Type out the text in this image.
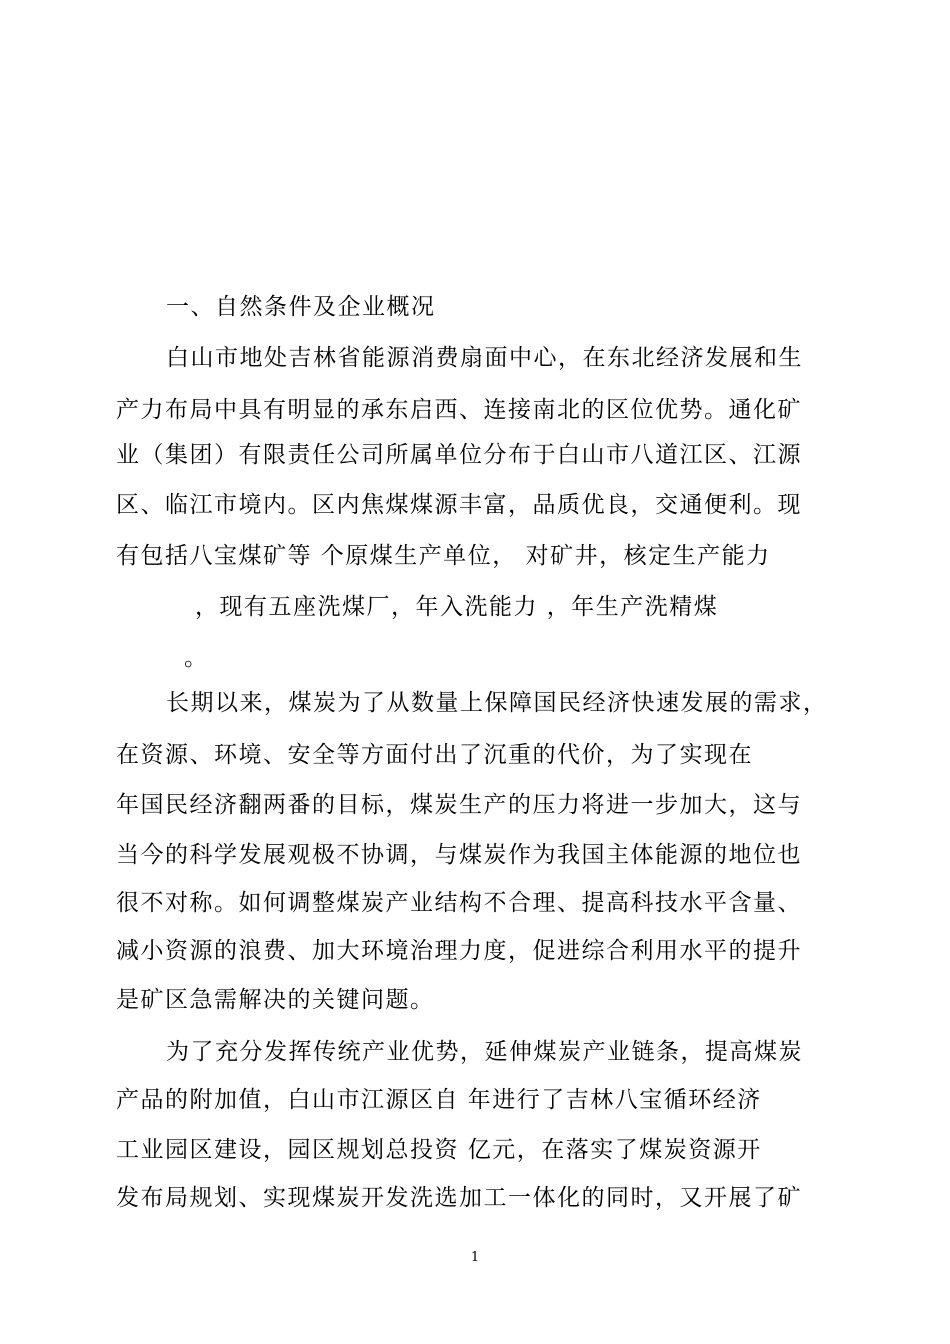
一、自然条件及企业概况
白山市地处吉林省能源消费扇面中心，在东北经济发展和生
产力布局中具有明显的承东启西、连接南北的区位优势。通化矿
业（集团）有限责任公司所属单位分布于白山市八道江区、江源
区、临江市境内。区内焦煤煤源丰富，品质优良，交通便利。现
有包括八宝煤矿等 个原煤生产单位， 对矿井，核定生产能力
，现有五座洗煤厂，年入洗能力 ，年生产洗精煤
。
长期以来，煤炭为了从数量上保障国民经济快速发展的需求，
在资源、环境、安全等方面付出了沉重的代价，为了实现在
年国民经济翻两番的目标，煤炭生产的压力将进一步加大，这与
当今的科学发展观极不协调，与煤炭作为我国主体能源的地位也
很不对称。如何调整煤炭产业结构不合理、提高科技水平含量、
减小资源的浪费、加大环境治理力度，促进综合利用水平的提升
是矿区急需解决的关键问题。
为了充分发挥传统产业优势，延伸煤炭产业链条，提高煤炭
产品的附加值，白山市江源区自 年进行了吉林八宝循环经济
工业园区建设，园区规划总投资 亿元，在落实了煤炭资源开
发布局规划、实现煤炭开发洗选加工一体化的同时，又开展了矿
1
